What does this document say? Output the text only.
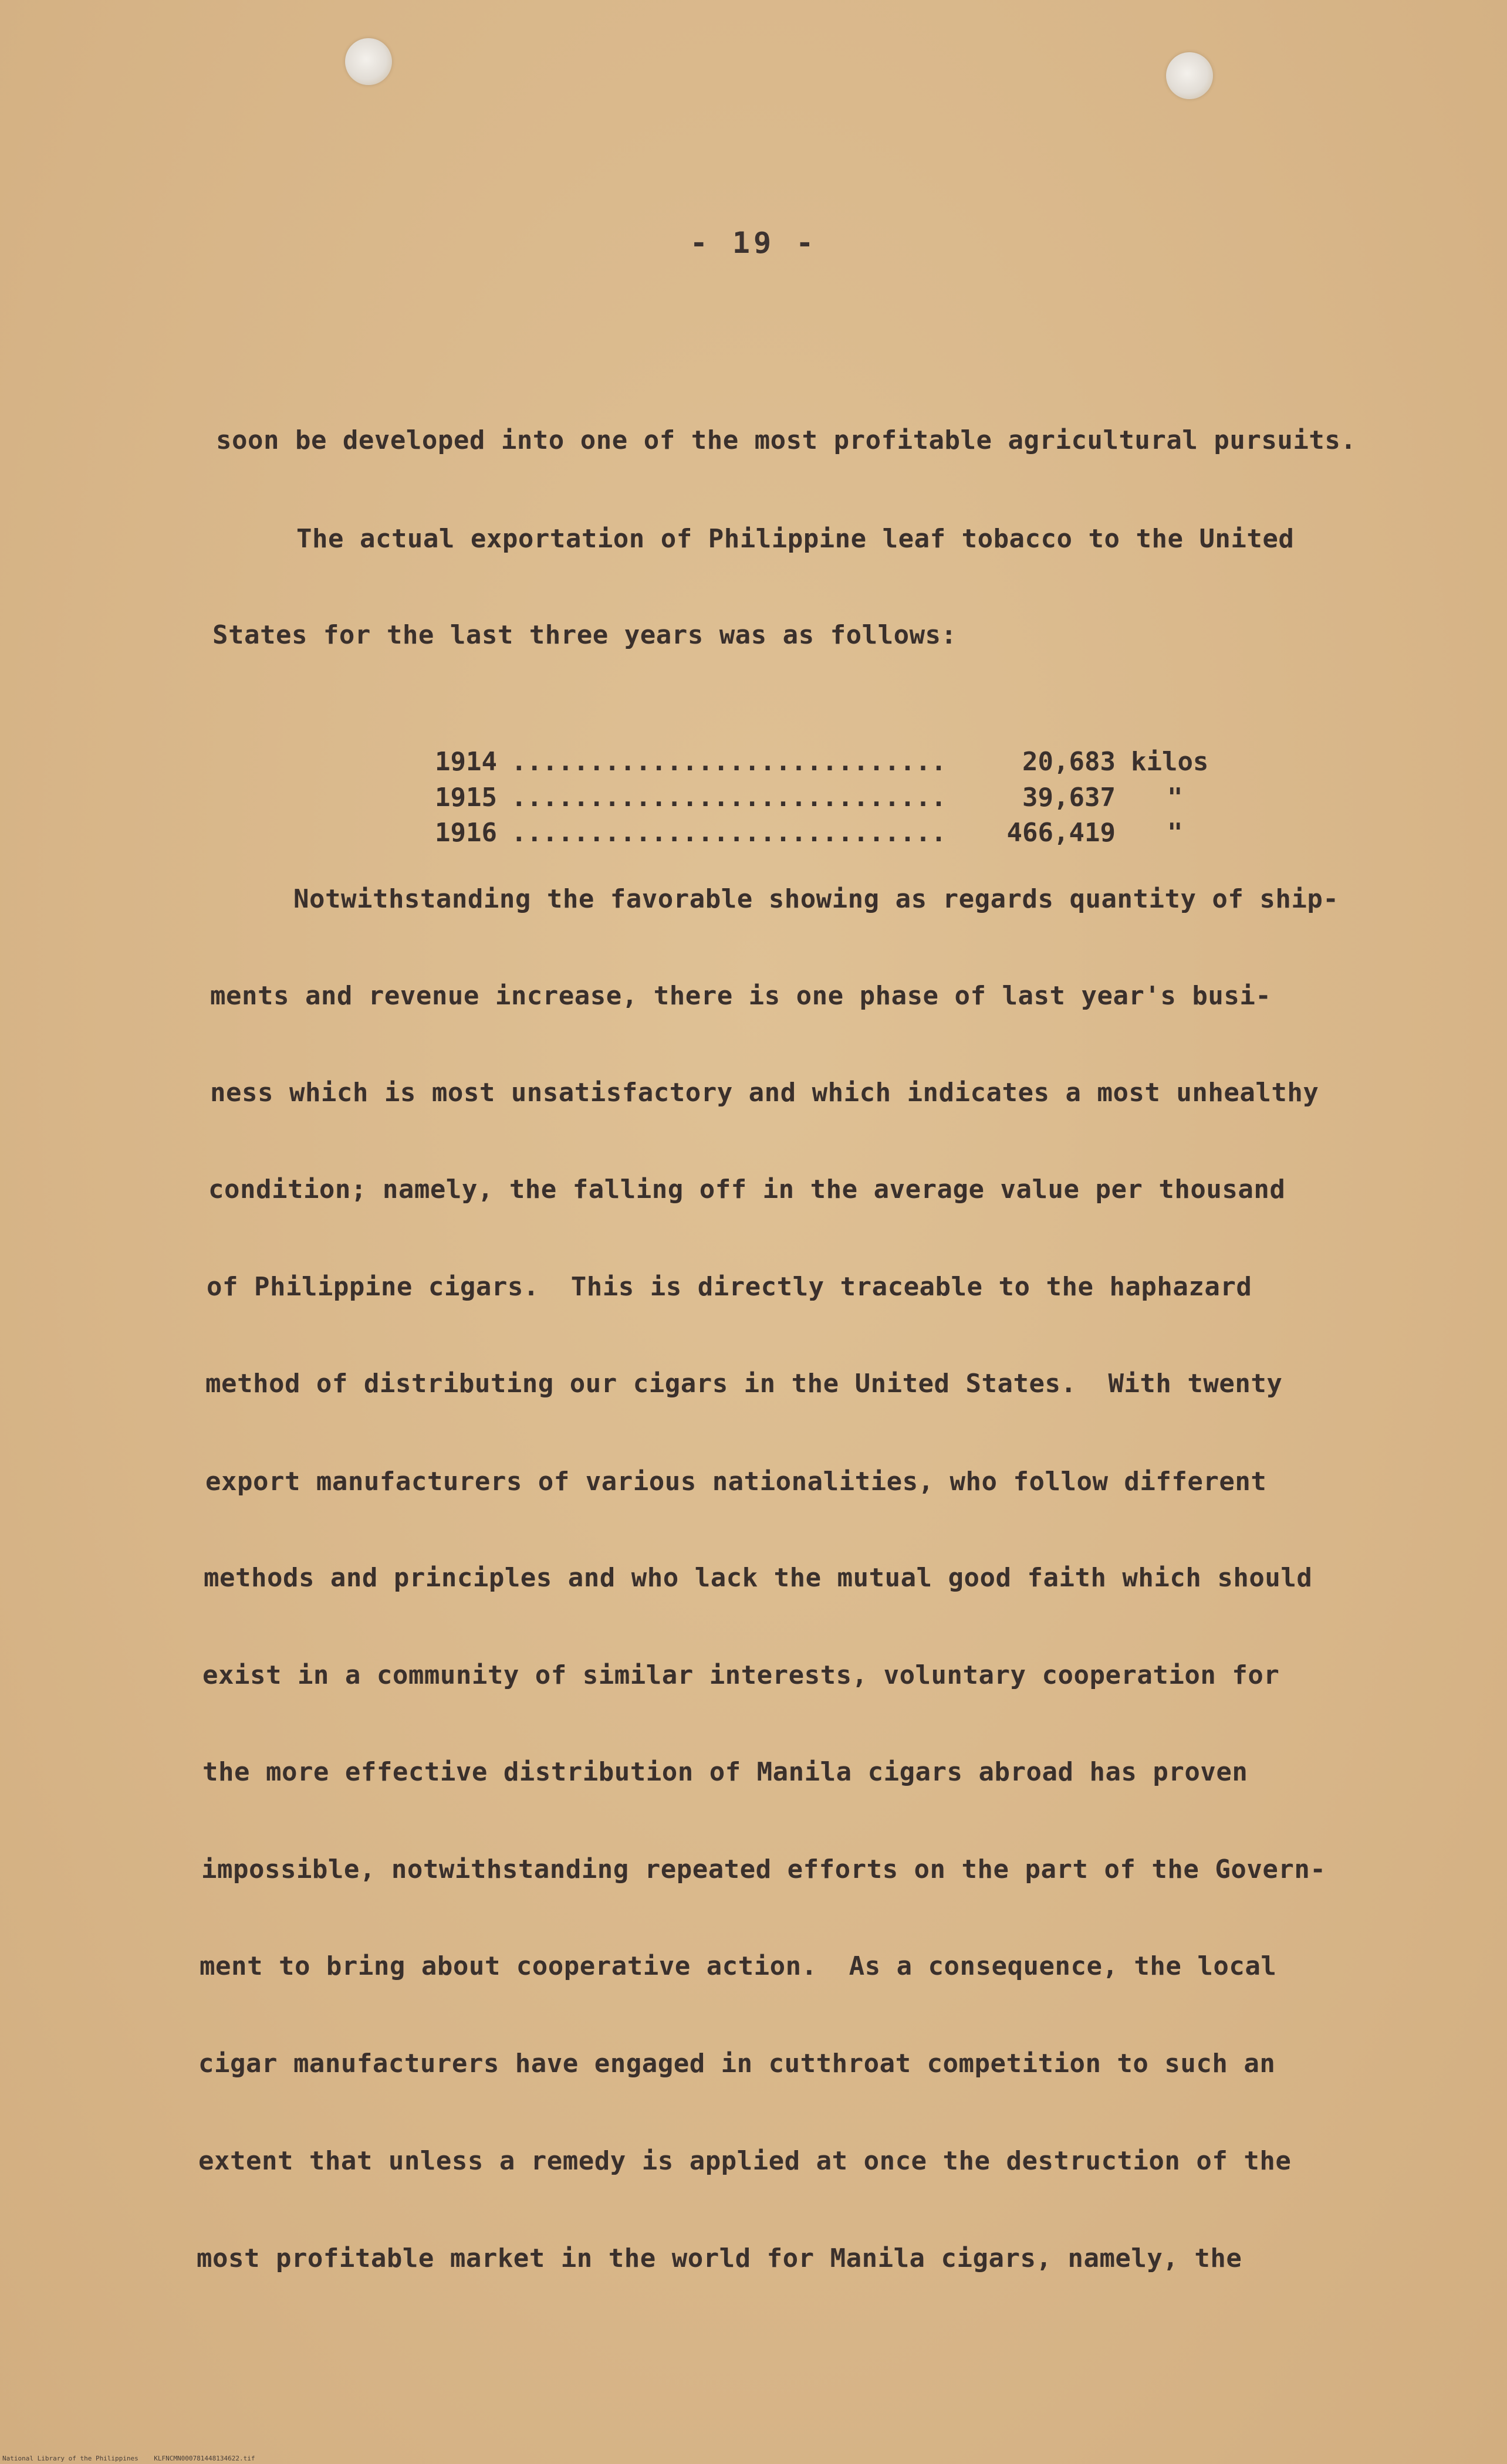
- 19 -
soon be developed into one of the most profitable agricultural pursuits.
The actual exportation of Philippine leaf tobacco to the United
States for the last three years was as follows:

1914 ............................	20,683 kilos

1915 ............................	39,637 "

1916 ............................ 466,419 "

Notwithstanding the favorable showing as regards quantity of ship-
ments and revenue increase, there is one phase of last year's busi-
ness which is most unsatisfactory and which indicates a most unhealthy
condition; namely, the falling off in the average value per thousand
of Philippine cigars.  This is directly traceable to the haphazard
method of distributing our cigars in the United States.  With twenty
export manufacturers of various nationalities, who follow different
methods and principles and who lack the mutual good faith which should
exist in a community of similar interests, voluntary cooperation for
the more effective distribution of Manila cigars abroad has proven
impossible, notwithstanding repeated efforts on the part of the Govern-
ment to bring about cooperative action.  As a consequence, the local
cigar manufacturers have engaged in cutthroat competition to such an
extent that unless a remedy is applied at once the destruction of the
most profitable market in the world for Manila cigars, namely, the
National Library of the Philippines    KLFNCMN000781448134622.tif
